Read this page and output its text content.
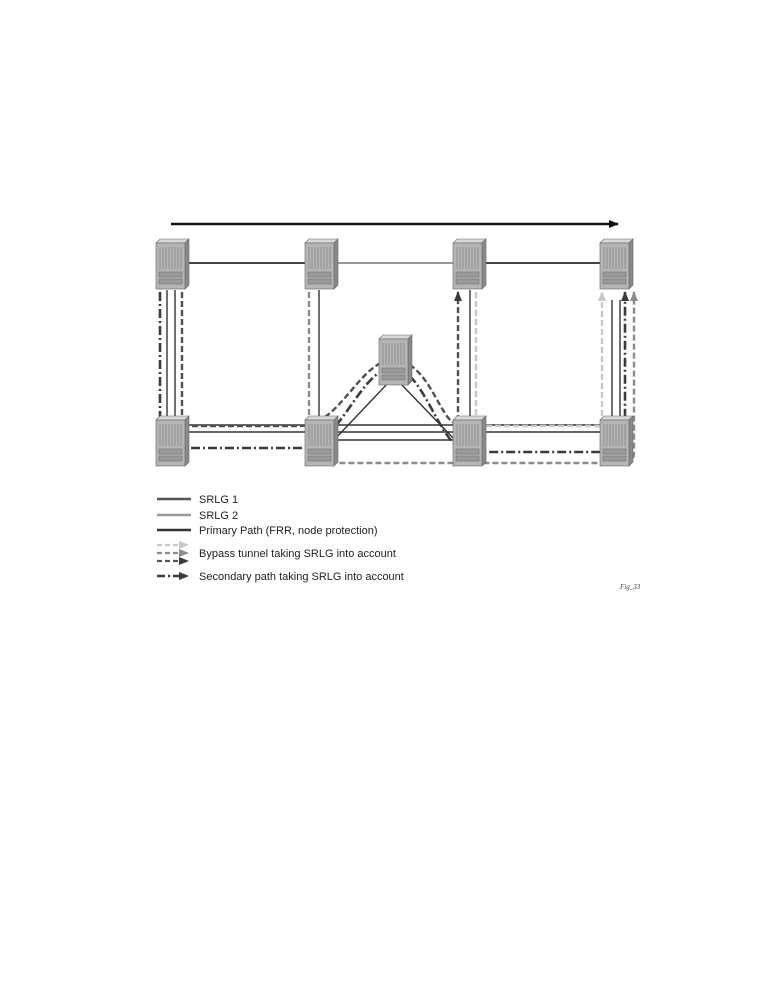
SRLG 1
SRLG 2
Primary Path (FRR, node protection)
Bypass tunnel taking SRLG into account
Secondary path taking SRLG into account
Fig_33
